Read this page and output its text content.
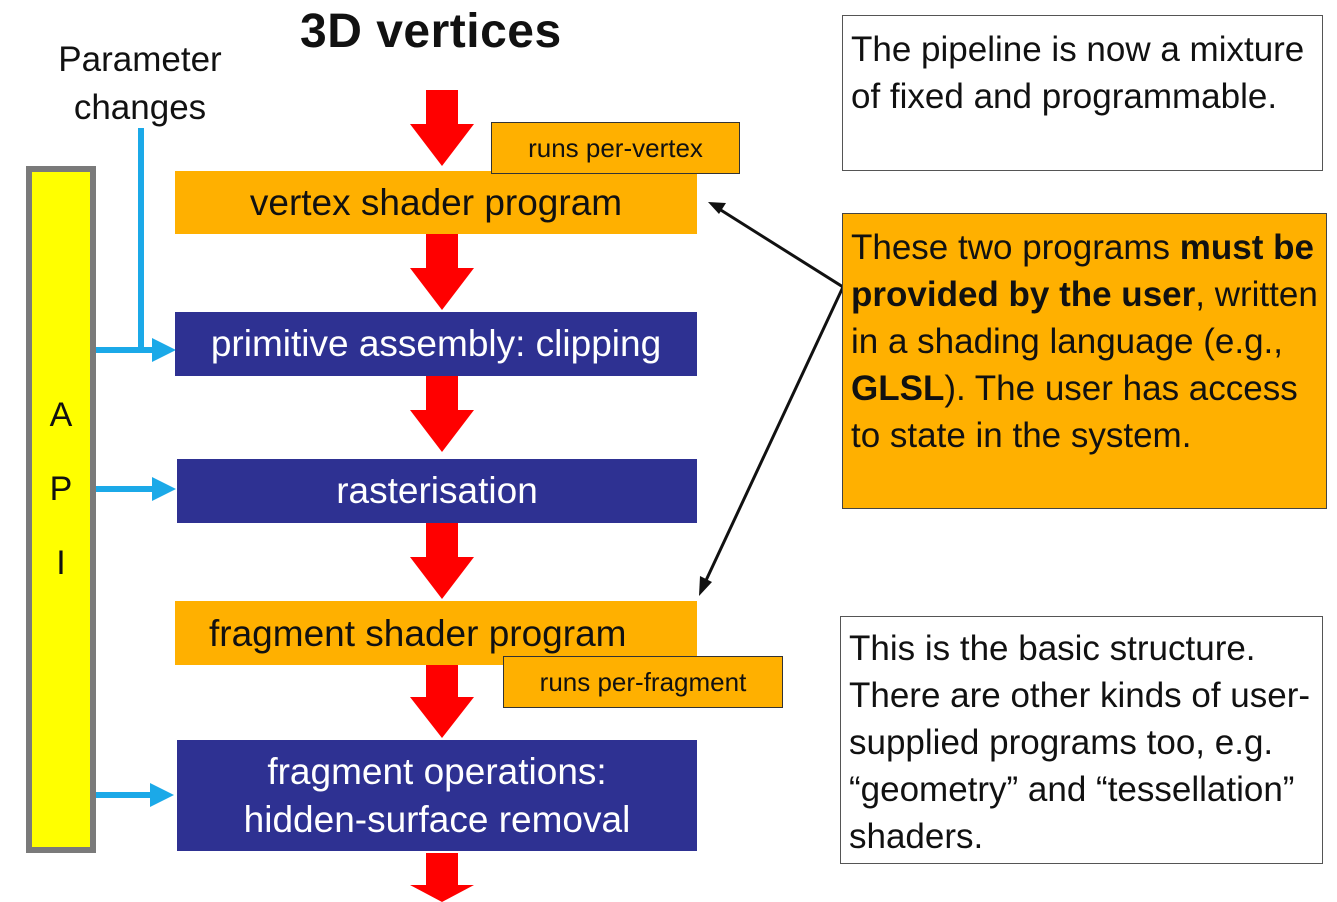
3D vertices
Parameter
changes
A
P
I
vertex shader program
primitive assembly: clipping
rasterisation
fragment shader program
fragment operations:
hidden-surface removal
runs per-vertex
runs per-fragment
The pipeline is now a mixture of fixed and programmable.
These two programs must be provided by the user, written in a shading language (e.g., GLSL). The user has access to state in the system.
This is the basic structure. There are other kinds of user-supplied programs too, e.g. “geometry” and “tessellation” shaders.
